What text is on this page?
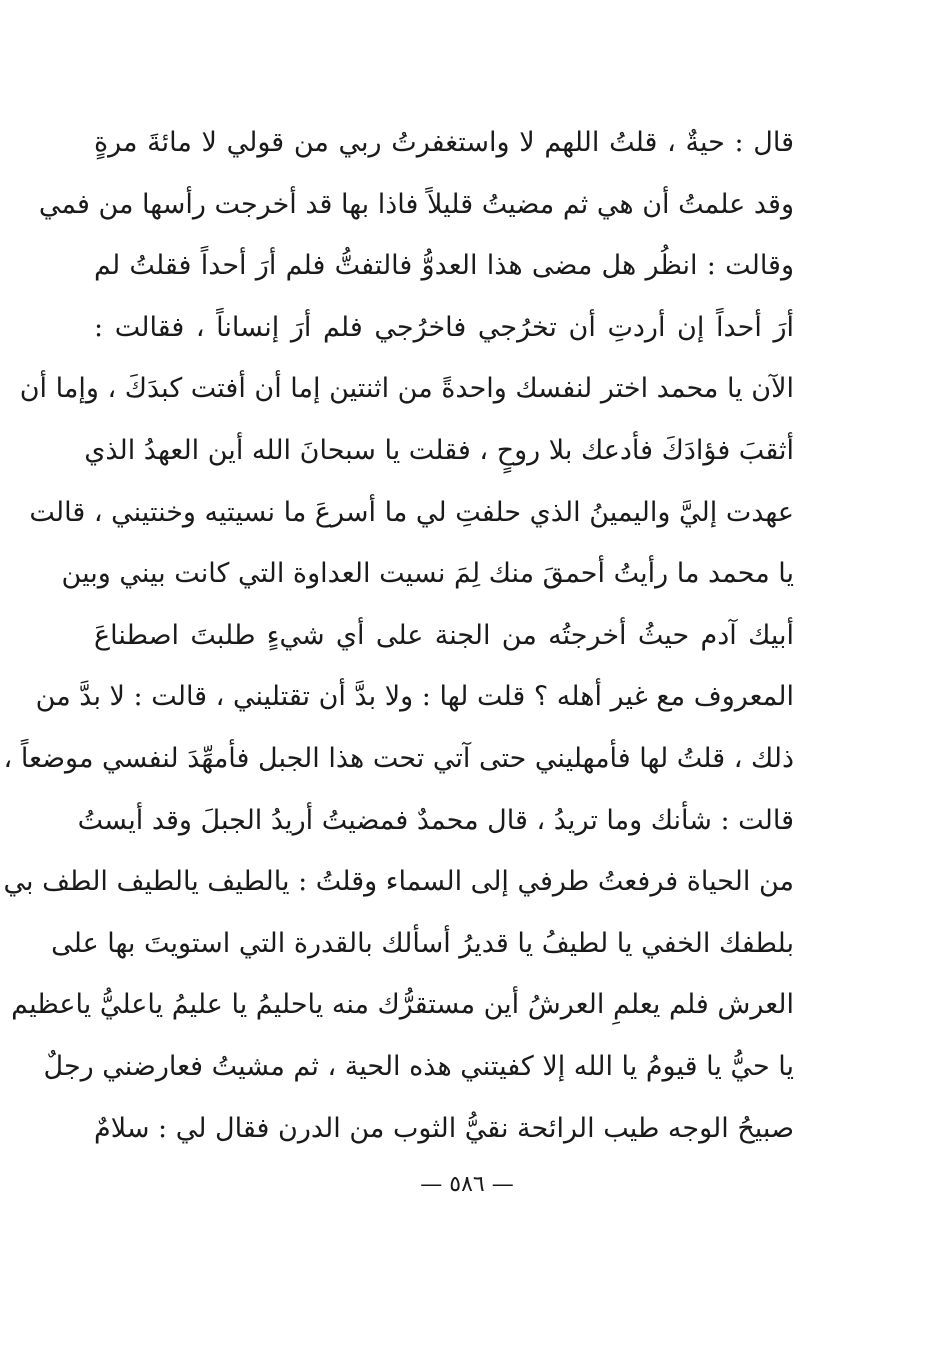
قال : حيةٌ ، قلتُ اللهم لا واستغفرتُ ربي من قولي لا مائةَ مرةٍ
وقد علمتُ أن هي ثم مضيتُ قليلاً فاذا بها قد أخرجت رأسها من فمي
وقالت : انظُر هل مضى هذا العدوُّ فالتفتُّ فلم أرَ أحداً فقلتُ لم
أرَ أحداً إن أردتِ أن تخرُجي فاخرُجي فلم أرَ إنساناً ، فقالت :
الآن يا محمد اختر لنفسك واحدةً من اثنتين إما أن أفتت كبدَكَ ، وإما أن
أثقبَ فؤادَكَ فأدعك بلا روحٍ ، فقلت يا سبحانَ الله أين العهدُ الذي
عهدت إليَّ واليمينُ الذي حلفتِ لي ما أسرعَ ما نسيتيه وخنتيني ، قالت
يا محمد ما رأيتُ أحمقَ منك لِمَ نسيت العداوة التي كانت بيني وبين
أبيك آدم حيثُ أخرجتُه من الجنة على أي شيءٍ طلبتَ اصطناعَ
المعروف مع غير أهله ؟ قلت لها : ولا بدَّ أن تقتليني ، قالت : لا بدَّ من
ذلك ، قلتُ لها فأمهليني حتى آتي تحت هذا الجبل فأمهِّدَ لنفسي موضعاً ،
قالت : شأنك وما تريدُ ، قال محمدٌ فمضيتُ أريدُ الجبلَ وقد أيستُ
من الحياة فرفعتُ طرفي إلى السماء وقلتُ : يالطيف يالطيف الطف بي
بلطفك الخفي يا لطيفُ يا قديرُ أسألك بالقدرة التي استويتَ بها على
العرش فلم يعلمِ العرشُ أين مستقرُّك منه ياحليمُ يا عليمُ ياعليُّ ياعظيم
يا حيُّ يا قيومُ يا الله إلا كفيتني هذه الحية ، ثم مشيتُ فعارضني رجلٌ
صبيحُ الوجه طيب الرائحة نقيُّ الثوب من الدرن فقال لي : سلامٌ
— ٥٨٦ —
